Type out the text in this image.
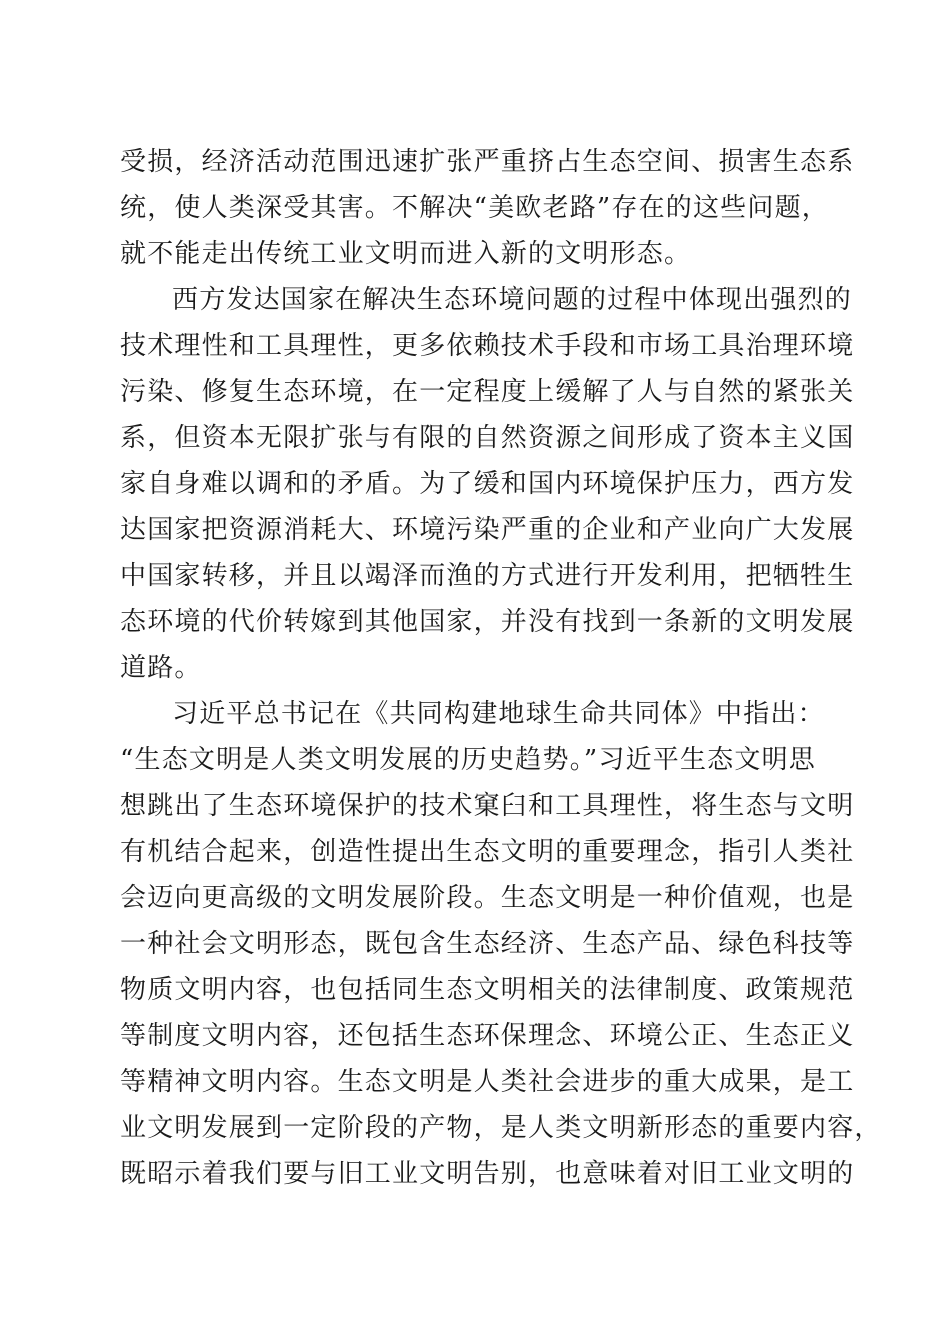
受损，经济活动范围迅速扩张严重挤占生态空间、损害生态系
统，使人类深受其害。不解决“美欧老路”存在的这些问题，
就不能走出传统工业文明而进入新的文明形态。
西方发达国家在解决生态环境问题的过程中体现出强烈的
技术理性和工具理性，更多依赖技术手段和市场工具治理环境
污染、修复生态环境，在一定程度上缓解了人与自然的紧张关
系，但资本无限扩张与有限的自然资源之间形成了资本主义国
家自身难以调和的矛盾。为了缓和国内环境保护压力，西方发
达国家把资源消耗大、环境污染严重的企业和产业向广大发展
中国家转移，并且以竭泽而渔的方式进行开发利用，把牺牲生
态环境的代价转嫁到其他国家，并没有找到一条新的文明发展
道路。
习近平总书记在《共同构建地球生命共同体》中指出：
“生态文明是人类文明发展的历史趋势。”习近平生态文明思
想跳出了生态环境保护的技术窠臼和工具理性，将生态与文明
有机结合起来，创造性提出生态文明的重要理念，指引人类社
会迈向更高级的文明发展阶段。生态文明是一种价值观，也是
一种社会文明形态，既包含生态经济、生态产品、绿色科技等
物质文明内容，也包括同生态文明相关的法律制度、政策规范
等制度文明内容，还包括生态环保理念、环境公正、生态正义
等精神文明内容。生态文明是人类社会进步的重大成果，是工
业文明发展到一定阶段的产物，是人类文明新形态的重要内容，
既昭示着我们要与旧工业文明告别，也意味着对旧工业文明的
